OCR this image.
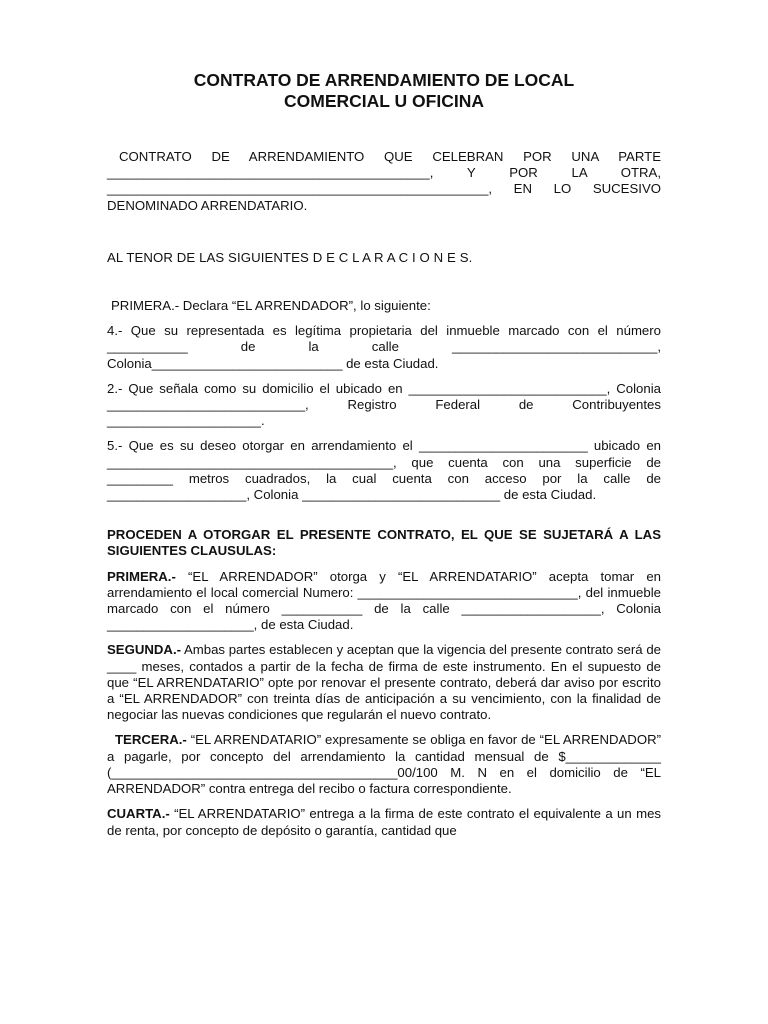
CONTRATO DE ARRENDAMIENTO DE LOCAL
COMERCIAL U OFICINA

CONTRATO DE ARRENDAMIENTO QUE CELEBRAN POR UNA PARTE ____________________________________________, Y POR LA OTRA, ____________________________________________________, EN LO SUCESIVO DENOMINADO ARRENDATARIO.

AL TENOR DE LAS SIGUIENTES D E C L A R A C I O N E S.

PRIMERA.- Declara “EL ARRENDADOR”, lo siguiente:

4.- Que su representada es legítima propietaria del inmueble marcado con el número ___________ de la calle ____________________________, Colonia__________________________ de esta Ciudad.

2.- Que señala como su domicilio el ubicado en ___________________________, Colonia ___________________________, Registro Federal de Contribuyentes _____________________.

5.- Que es su deseo otorgar en arrendamiento el _______________________ ubicado en _______________________________________, que cuenta con una superficie de _________ metros cuadrados, la cual cuenta con acceso por la calle de ___________________, Colonia ___________________________ de esta Ciudad.

PROCEDEN A OTORGAR EL PRESENTE CONTRATO, EL QUE SE SUJETARÁ A LAS SIGUIENTES CLAUSULAS:

PRIMERA.- “EL ARRENDADOR” otorga y “EL ARRENDATARIO” acepta tomar en arrendamiento el local comercial Numero: ______________________________, del inmueble marcado con el número ___________ de la calle ___________________, Colonia ____________________, de esta Ciudad.

SEGUNDA.- Ambas partes establecen y aceptan que la vigencia del presente contrato será de ____ meses, contados a partir de la fecha de firma de este instrumento. En el supuesto de que “EL ARRENDATARIO” opte por renovar el presente contrato, deberá dar aviso por escrito a “EL ARRENDADOR” con treinta días de anticipación a su vencimiento, con la finalidad de negociar las nuevas condiciones que regularán el nuevo contrato.

TERCERA.- “EL ARRENDATARIO” expresamente se obliga en favor de “EL ARRENDADOR” a pagarle, por concepto del arrendamiento la cantidad mensual de $_____________ (_______________________________________00/100 M. N en el domicilio de “EL ARRENDADOR” contra entrega del recibo o factura correspondiente.

CUARTA.- “EL ARRENDATARIO” entrega a la firma de este contrato el equivalente a un mes de renta, por concepto de depósito o garantía, cantidad que
